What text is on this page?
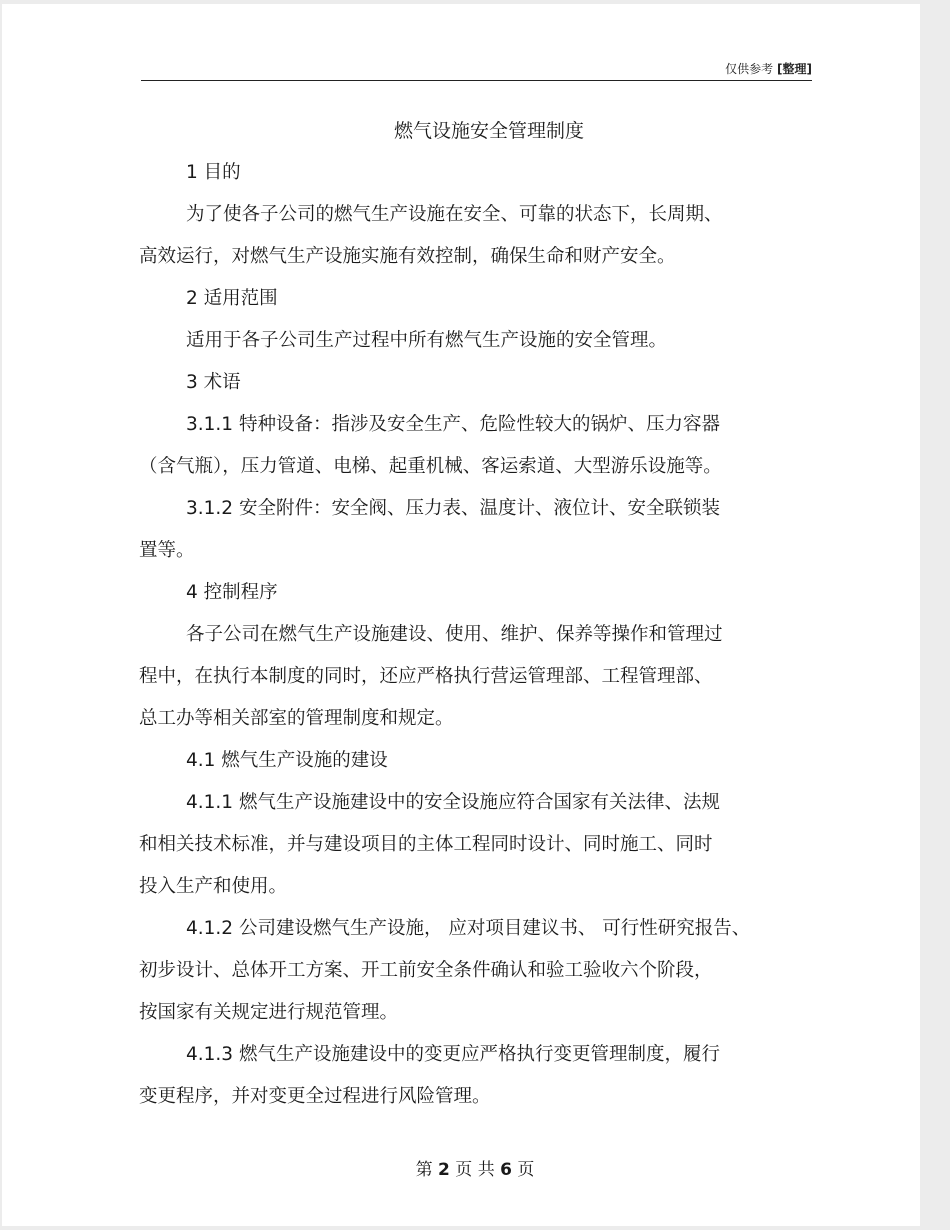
仅供参考 [整理]
燃气设施安全管理制度
1 目的
为了使各子公司的燃气生产设施在安全、可靠的状态下，长周期、
高效运行，对燃气生产设施实施有效控制，确保生命和财产安全。
2 适用范围
适用于各子公司生产过程中所有燃气生产设施的安全管理。
3 术语
3.1.1 特种设备：指涉及安全生产、危险性较大的锅炉、压力容器
（含气瓶），压力管道、电梯、起重机械、客运索道、大型游乐设施等。
3.1.2 安全附件：安全阀、压力表、温度计、液位计、安全联锁装
置等。
4 控制程序
各子公司在燃气生产设施建设、使用、维护、保养等操作和管理过
程中，在执行本制度的同时，还应严格执行营运管理部、工程管理部、
总工办等相关部室的管理制度和规定。
4.1 燃气生产设施的建设
4.1.1 燃气生产设施建设中的安全设施应符合国家有关法律、法规
和相关技术标准，并与建设项目的主体工程同时设计、同时施工、同时
投入生产和使用。
4.1.2 公司建设燃气生产设施， 应对项目建议书、 可行性研究报告、
初步设计、总体开工方案、开工前安全条件确认和验工验收六个阶段，
按国家有关规定进行规范管理。
4.1.3 燃气生产设施建设中的变更应严格执行变更管理制度，履行
变更程序，并对变更全过程进行风险管理。
第 2 页 共 6 页
